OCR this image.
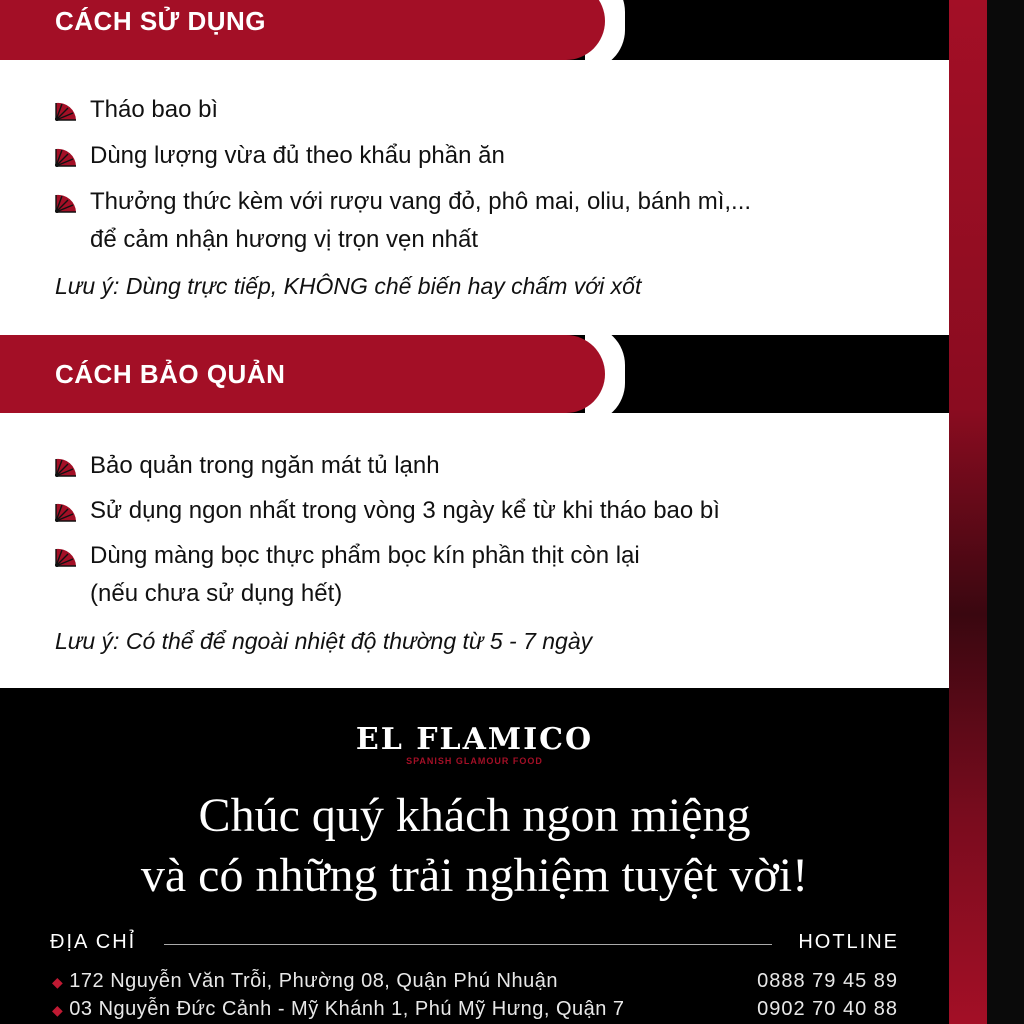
CÁCH SỬ DỤNG
Tháo bao bì
Dùng lượng vừa đủ theo khẩu phần ăn
Thưởng thức kèm với rượu vang đỏ, phô mai, oliu, bánh mì,...
để cảm nhận hương vị trọn vẹn nhất
Lưu ý: Dùng trực tiếp, KHÔNG chế biến hay chấm với xốt
CÁCH BẢO QUẢN
Bảo quản trong ngăn mát tủ lạnh
Sử dụng ngon nhất trong vòng 3 ngày kể từ khi tháo bao bì
Dùng màng bọc thực phẩm bọc kín phần thịt còn lại
(nếu chưa sử dụng hết)
Lưu ý: Có thể để ngoài nhiệt độ thường từ 5 - 7 ngày
EL FLAMICO
SPANISH GLAMOUR FOOD
Chúc quý khách ngon miệng
và có những trải nghiệm tuyệt vời!
ĐỊA CHỈ	HOTLINE
◆ 172 Nguyễn Văn Trỗi, Phường 08, Quận Phú Nhuận
◆ 03 Nguyễn Đức Cảnh - Mỹ Khánh 1, Phú Mỹ Hưng, Quận 7
0888 79 45 89
0902 70 40 88
